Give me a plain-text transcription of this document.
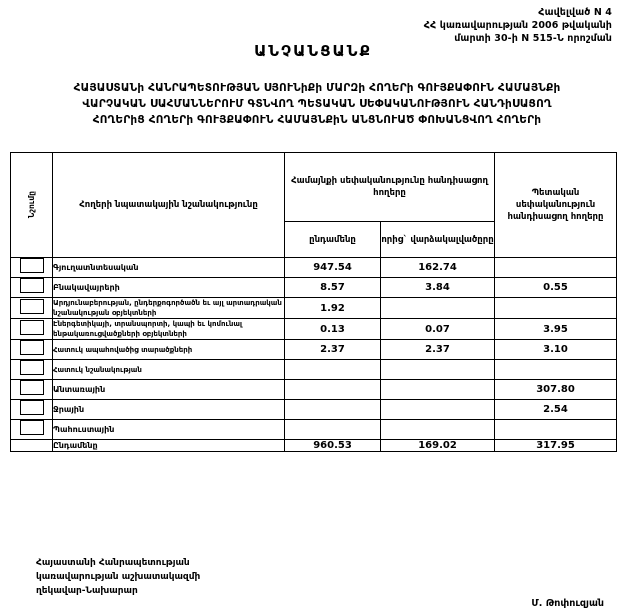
Հավելված N 4
ՀՀ կառավարության 2006 թվականի
մարտի 30-ի N 515-Ն որոշման
ԱՆՉԱՆՑԱՆՔ
ՀԱՅԱՍՏԱՆի ՀԱՆՐԱՊԵՏՈՒԹՅԱՆ ՍՅՈՒՆիՔի ՄԱՐԶի ՀՈՂԵՐի ԳՈՒՅՔԱՓՈՒՆ ՀԱՄԱՅՆՔի
ՎԱՐՉԱԿԱՆ ՍԱՀՄԱՆՆԵՐՈՒՄ ԳՏՆՎՈՂ ՊԵՏԱԿԱՆ ՍԵՓԱԿԱՆՈՒԹՅՈՒՆ ՀԱՆԴիՍԱՑՈՂ
ՀՈՂԵՐիՑ ՀՈՂԵՐի ԳՈՒՅՔԱՓՈՒՆ ՀԱՄԱՅՆՔիՆ ԱՆՑՆՈՒԱԾ ՓՈԽԱՆՑՎՈՂ ՀՈՂԵՐի
Նշումը	Հողերի նպատակային նշանակությունը	Համայնքի սեփականությունը հանդիսացող հողերը		Պետական սեփականություն հանդիսացող հողերը
		ընդամենը	որից` վարձակալվածըրը	
	Գյուղատնտեսական	947.54	162.74	
	Բնակավայրերի	8.57	3.84	0.55
	Արդյունաբերության, ընդերքոգործածն եւ այլ արտադրական նշանակության օբյեկտների	1.92		
	Էներգետիկայի, տրանսպորտի, կապի եւ կոմունալ ենթակառուցվածքների օբյեկտների	0.13	0.07	3.95
	Հատուկ ապահովածից տարածքների	2.37	2.37	3.10
	Հատուկ նշանակության			
	Անտառային			307.80
	Ջրային			2.54
	Պահուստային			
	Ընդամենը	960.53	169.02	317.95
Հայաստանի Հանրապետության
կառավարության աշխատակազմի
ղեկավար-Նախարար
Մ. Թոփուզյան
